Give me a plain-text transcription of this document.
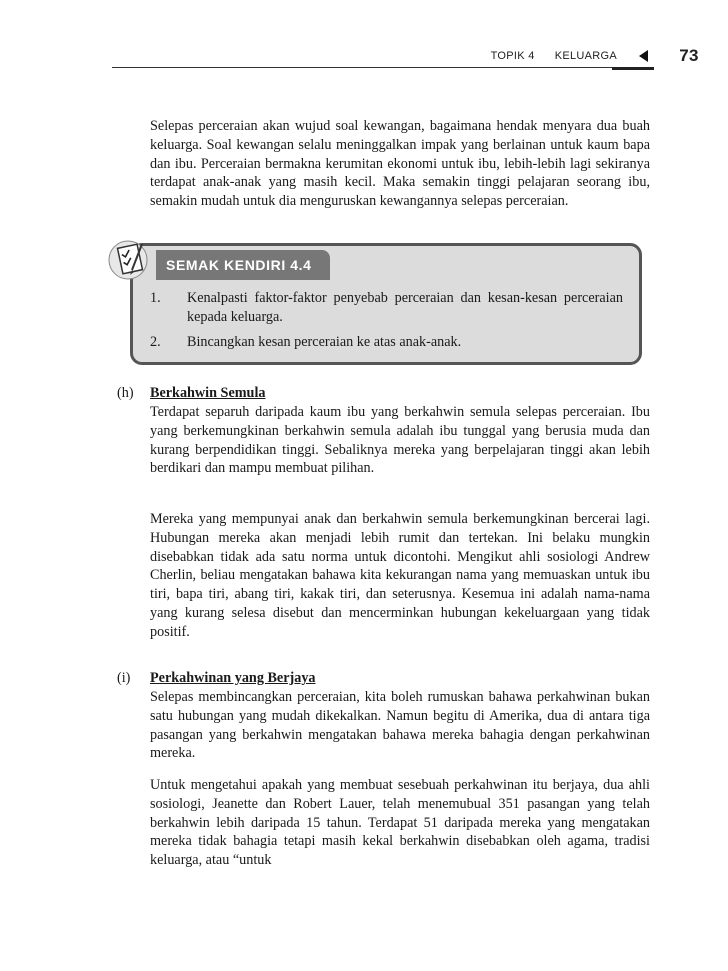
TOPIK 4 KELUARGA	73

Selepas perceraian akan wujud soal kewangan, bagaimana hendak menyara dua buah keluarga. Soal kewangan selalu meninggalkan impak yang berlainan untuk kaum bapa dan ibu. Perceraian bermakna kerumitan ekonomi untuk ibu, lebih-lebih lagi sekiranya terdapat anak-anak yang masih kecil. Maka semakin tinggi pelajaran seorang ibu, semakin mudah untuk dia menguruskan kewangannya selepas perceraian.

SEMAK KENDIRI 4.4
1. Kenalpasti faktor-faktor penyebab perceraian dan kesan-kesan perceraian kepada keluarga.
2. Bincangkan kesan perceraian ke atas anak-anak.
(h) Berkahwin Semula

Terdapat separuh daripada kaum ibu yang berkahwin semula selepas perceraian. Ibu yang berkemungkinan berkahwin semula adalah ibu tunggal yang berusia muda dan kurang berpendidikan tinggi. Sebaliknya mereka yang berpelajaran tinggi akan lebih berdikari dan mampu membuat pilihan.

Mereka yang mempunyai anak dan berkahwin semula berkemungkinan bercerai lagi. Hubungan mereka akan menjadi lebih rumit dan tertekan. Ini belaku mungkin disebabkan tidak ada satu norma untuk dicontohi. Mengikut ahli sosiologi Andrew Cherlin, beliau mengatakan bahawa kita kekurangan nama yang memuaskan untuk ibu tiri, bapa tiri, abang tiri, kakak tiri, dan seterusnya. Kesemua ini adalah nama-nama yang kurang selesa disebut dan mencerminkan hubungan kekeluargaan yang tidak positif.

(i) Perkahwinan yang Berjaya

Selepas membincangkan perceraian, kita boleh rumuskan bahawa perkahwinan bukan satu hubungan yang mudah dikekalkan. Namun begitu di Amerika, dua di antara tiga pasangan yang berkahwin mengatakan bahawa mereka bahagia dengan perkahwinan mereka.

Untuk mengetahui apakah yang membuat sesebuah perkahwinan itu berjaya, dua ahli sosiologi, Jeanette dan Robert Lauer, telah menemubual 351 pasangan yang telah berkahwin lebih daripada 15 tahun. Terdapat 51 daripada mereka yang mengatakan mereka tidak bahagia tetapi masih kekal berkahwin disebabkan oleh agama, tradisi keluarga, atau “untuk
